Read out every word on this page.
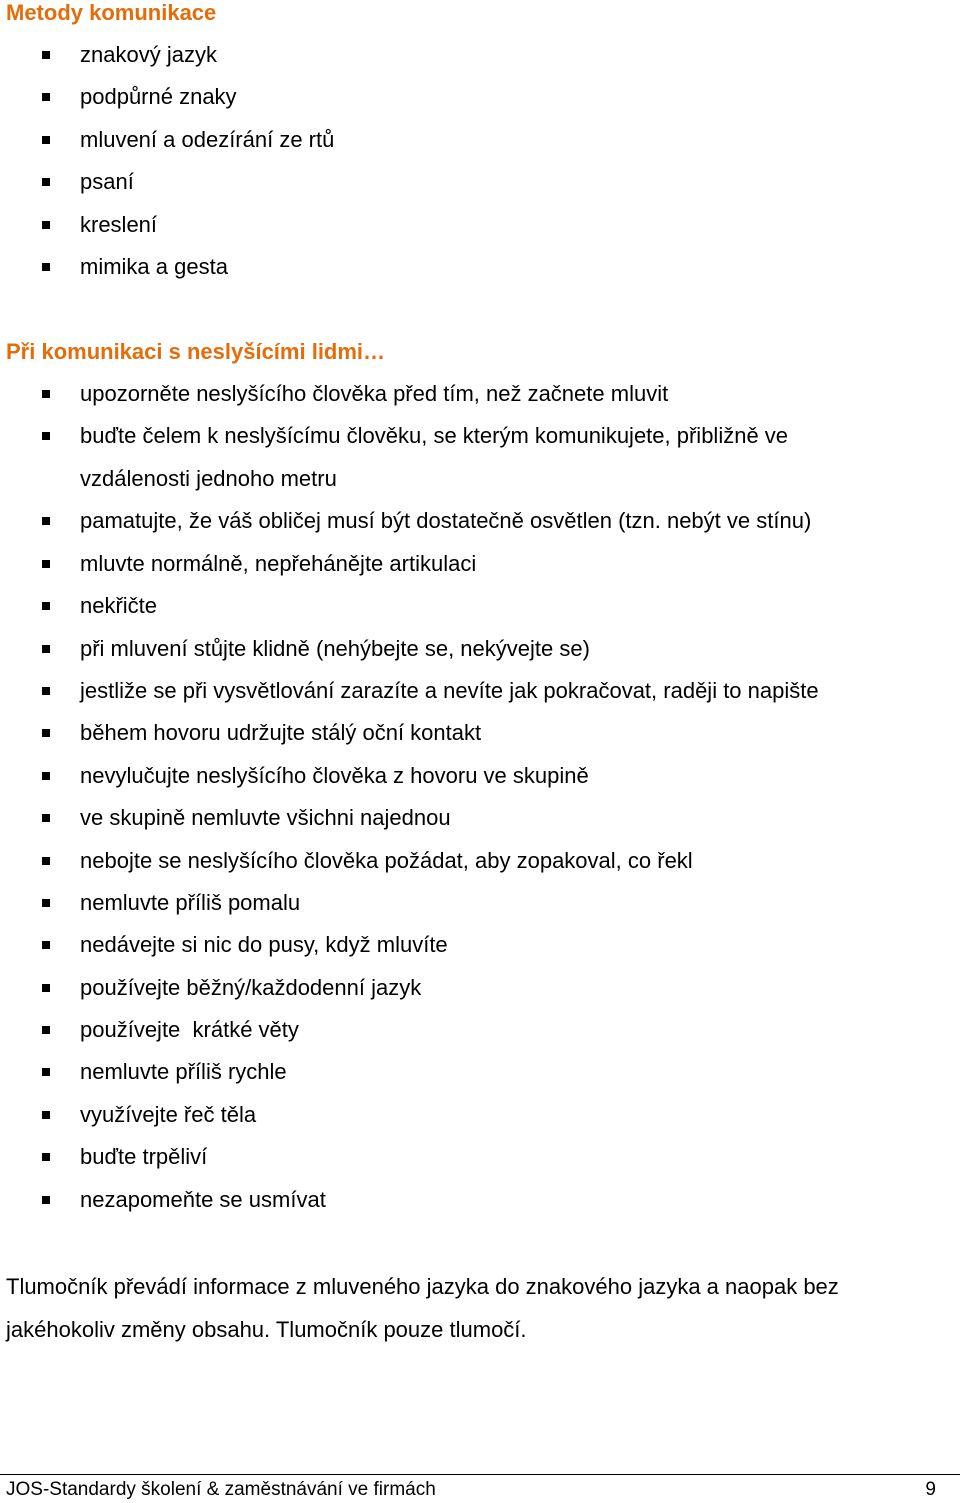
Metody komunikace
znakový jazyk
podpůrné znaky
mluvení a odezírání ze rtů
psaní
kreslení
mimika a gesta
Při komunikaci s neslyšícími lidmi…
upozorněte neslyšícího člověka před tím, než začnete mluvit
buďte čelem k neslyšícímu člověku, se kterým komunikujete, přibližně ve vzdálenosti jednoho metru
pamatujte, že váš obličej musí být dostatečně osvětlen (tzn. nebýt ve stínu)
mluvte normálně, nepřehánějte artikulaci
nekřičte
při mluvení stůjte klidně (nehýbejte se, nekývejte se)
jestliže se při vysvětlování zarazíte a nevíte jak pokračovat, raději to napište
během hovoru udržujte stálý oční kontakt
nevylučujte neslyšícího člověka z hovoru ve skupině
ve skupině nemluvte všichni najednou
nebojte se neslyšícího člověka požádat, aby zopakoval, co řekl
nemluvte příliš pomalu
nedávejte si nic do pusy, když mluvíte
používejte běžný/každodenní jazyk
používejte  krátké věty
nemluvte příliš rychle
využívejte řeč těla
buďte trpěliví
nezapomeňte se usmívat

Tlumočník převádí informace z mluveného jazyka do znakového jazyka a naopak bez jakéhokoliv změny obsahu. Tlumočník pouze tlumočí.

JOS-Standardy školení & zaměstnávání ve firmách	9
